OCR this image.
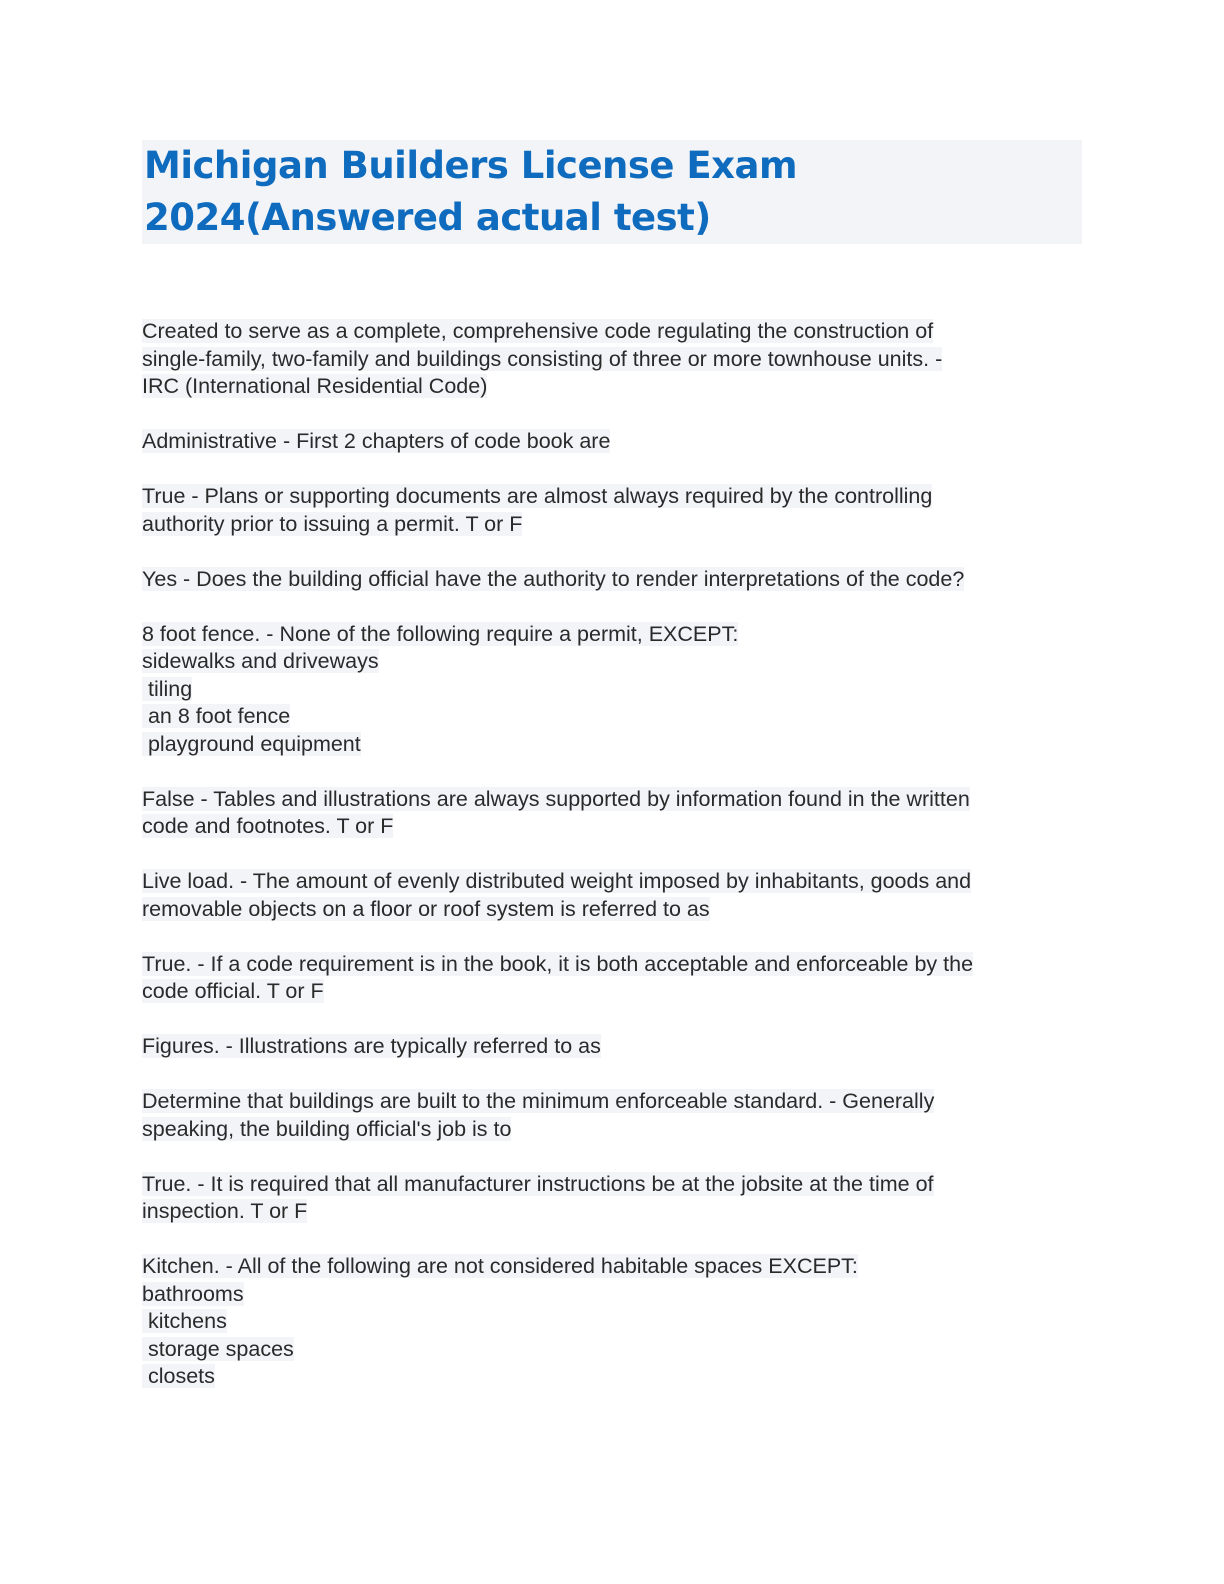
Michigan Builders License Exam
2024(Answered actual test)

Created to serve as a complete, comprehensive code regulating the construction of
single-family, two-family and buildings consisting of three or more townhouse units. -
IRC (International Residential Code)

Administrative - First 2 chapters of code book are

True - Plans or supporting documents are almost always required by the controlling
authority prior to issuing a permit. T or F

Yes - Does the building official have the authority to render interpretations of the code?

8 foot fence. - None of the following require a permit, EXCEPT:
sidewalks and driveways
tiling
an 8 foot fence
playground equipment

False - Tables and illustrations are always supported by information found in the written
code and footnotes. T or F

Live load. - The amount of evenly distributed weight imposed by inhabitants, goods and
removable objects on a floor or roof system is referred to as

True. - If a code requirement is in the book, it is both acceptable and enforceable by the
code official. T or F

Figures. - Illustrations are typically referred to as

Determine that buildings are built to the minimum enforceable standard. - Generally
speaking, the building official's job is to

True. - It is required that all manufacturer instructions be at the jobsite at the time of
inspection. T or F

Kitchen. - All of the following are not considered habitable spaces EXCEPT:
bathrooms
kitchens
storage spaces
closets
